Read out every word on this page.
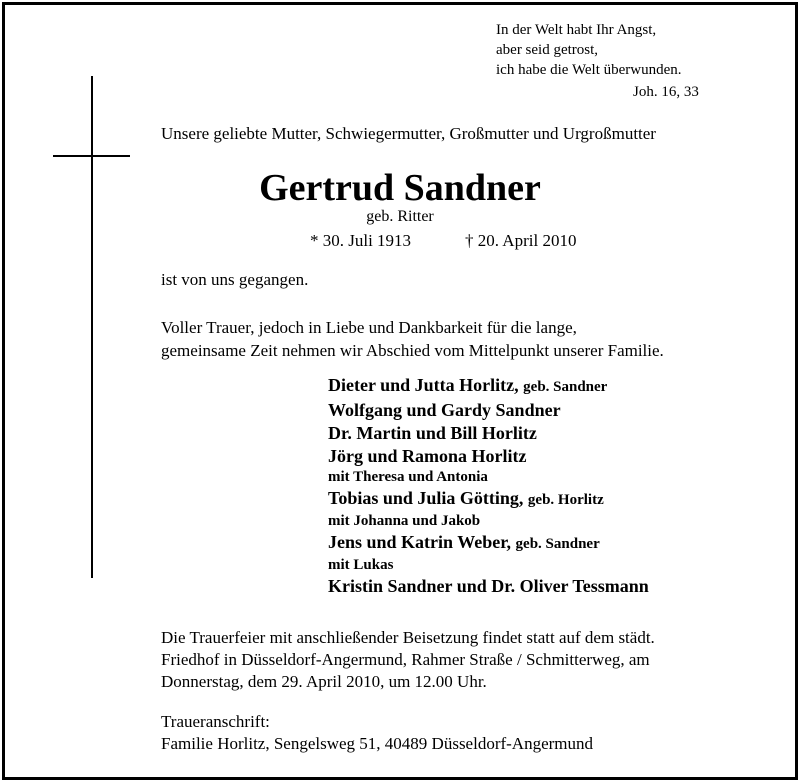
In der Welt habt Ihr Angst,
aber seid getrost,
ich habe die Welt überwunden.
Joh. 16, 33
Unsere geliebte Mutter, Schwiegermutter, Großmutter und Urgroßmutter
Gertrud Sandner
geb. Ritter
* 30. Juli 1913	† 20. April 2010
ist von uns gegangen.
Voller Trauer, jedoch in Liebe und Dankbarkeit für die lange,
gemeinsame Zeit nehmen wir Abschied vom Mittelpunkt unserer Familie.
Dieter und Jutta Horlitz, geb. Sandner
Wolfgang und Gardy Sandner
Dr. Martin und Bill Horlitz
Jörg und Ramona Horlitz
mit Theresa und Antonia
Tobias und Julia Götting, geb. Horlitz
mit Johanna und Jakob
Jens und Katrin Weber, geb. Sandner
mit Lukas
Kristin Sandner und Dr. Oliver Tessmann
Die Trauerfeier mit anschließender Beisetzung findet statt auf dem städt.
Friedhof in Düsseldorf-Angermund, Rahmer Straße / Schmitterweg, am
Donnerstag, dem 29. April 2010, um 12.00 Uhr.
Traueranschrift:
Familie Horlitz, Sengelsweg 51, 40489 Düsseldorf-Angermund
